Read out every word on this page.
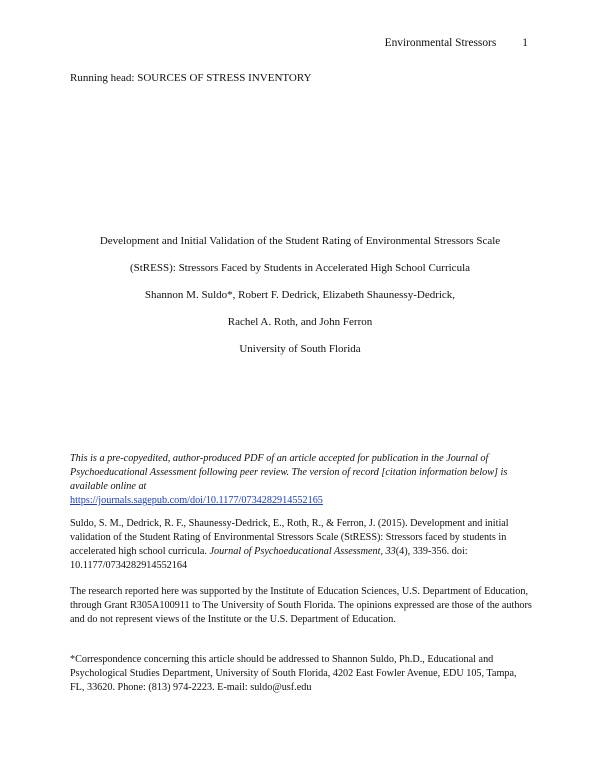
Environmental Stressors 1
Running head: SOURCES OF STRESS INVENTORY
Development and Initial Validation of the Student Rating of Environmental Stressors Scale
(StRESS): Stressors Faced by Students in Accelerated High School Curricula
Shannon M. Suldo*, Robert F. Dedrick, Elizabeth Shaunessy-Dedrick,
Rachel A. Roth, and John Ferron
University of South Florida
This is a pre-copyedited, author-produced PDF of an article accepted for publication in the Journal of Psychoeducational Assessment following peer review. The version of record [citation information below] is available online at
https://journals.sagepub.com/doi/10.1177/0734282914552165
Suldo, S. M., Dedrick, R. F., Shaunessy-Dedrick, E., Roth, R., & Ferron, J. (2015). Development and initial validation of the Student Rating of Environmental Stressors Scale (StRESS): Stressors faced by students in accelerated high school curricula. Journal of Psychoeducational Assessment, 33(4), 339-356. doi: 10.1177/0734282914552164
The research reported here was supported by the Institute of Education Sciences, U.S. Department of Education, through Grant R305A100911 to The University of South Florida. The opinions expressed are those of the authors and do not represent views of the Institute or the U.S. Department of Education.
*Correspondence concerning this article should be addressed to Shannon Suldo, Ph.D., Educational and Psychological Studies Department, University of South Florida, 4202 East Fowler Avenue, EDU 105, Tampa, FL, 33620. Phone: (813) 974-2223. E-mail: suldo@usf.edu
